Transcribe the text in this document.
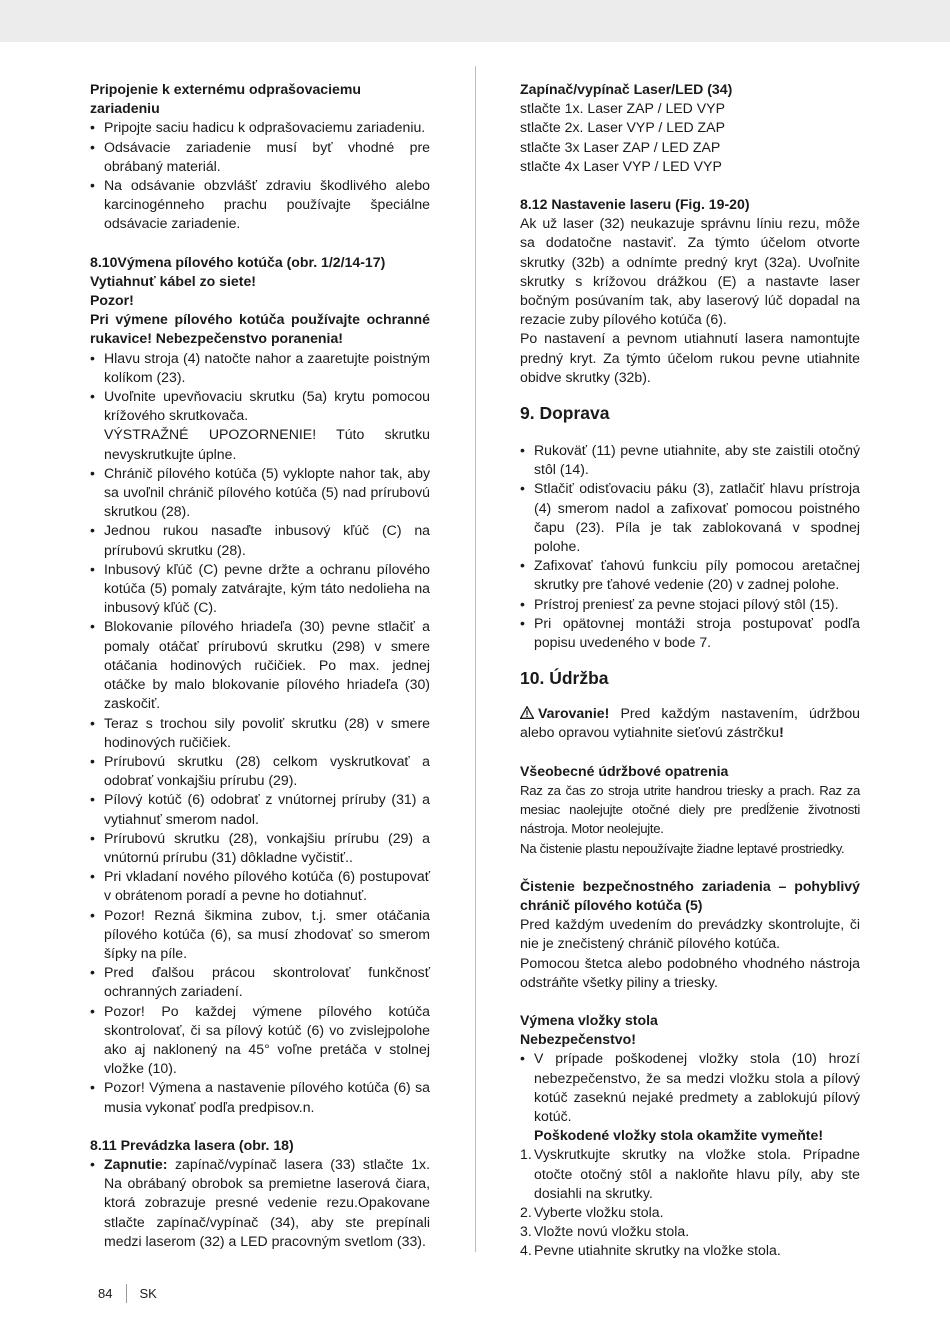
Pripojenie k externému odprašovaciemu zariadeniu

• Pripojte saciu hadicu k odprašovaciemu zariadeniu.
• Odsávacie zariadenie musí byť vhodné pre obrábaný materiál.
• Na odsávanie obzvlášť zdraviu škodlivého alebo karcinogénneho prachu používajte špeciálne odsávacie zariadenie.

8.10Výmena pílového kotúča (obr. 1/2/14-17)

Vytiahnuť kábel zo siete!

Pozor!

Pri výmene pílového kotúča používajte ochranné rukavice! Nebezpečenstvo poranenia!

• Hlavu stroja (4) natočte nahor a zaaretujte poistným kolíkom (23).
• Uvoľnite upevňovaciu skrutku (5a) krytu pomocou krížového skrutkovača.
VÝSTRAŽNÉ UPOZORNENIE! Túto skrutku nevyskrutkujte úplne.
• Chránič pílového kotúča (5) vyklopte nahor tak, aby sa uvoľnil chránič pílového kotúča (5) nad prírubovú skrutkou (28).
• Jednou rukou nasaďte inbusový kľúč (C) na prírubovú skrutku (28).
• Inbusový kľúč (C) pevne držte a ochranu pílového kotúča (5) pomaly zatvárajte, kým táto nedolieha na inbusový kľúč (C).
• Blokovanie pílového hriadeľa (30) pevne stlačiť a pomaly otáčať prírubovú skrutku (298) v smere otáčania hodinových ručičiek. Po max. jednej otáčke by malo blokovanie pílového hriadeľa (30) zaskočiť.
• Teraz s trochou sily povoliť skrutku (28) v smere hodinových ručičiek.
• Prírubovú skrutku (28) celkom vyskrutkovať a odobrať vonkajšiu prírubu (29).
• Pílový kotúč (6) odobrať z vnútornej príruby (31) a vytiahnuť smerom nadol.
• Prírubovú skrutku (28), vonkajšiu prírubu (29) a vnútornú prírubu (31) dôkladne vyčistiť..
• Pri vkladaní nového pílového kotúča (6) postupovať v obrátenom poradí a pevne ho dotiahnuť.
• Pozor! Rezná šikmina zubov, t.j. smer otáčania pílového kotúča (6), sa musí zhodovať so smerom šípky na píle.
• Pred ďalšou prácou skontrolovať funkčnosť ochranných zariadení.
• Pozor! Po každej výmene pílového kotúča skontrolovať, či sa pílový kotúč (6) vo zvislejpolohe ako aj naklonený na 45° voľne pretáča v stolnej vložke (10).
• Pozor! Výmena a nastavenie pílového kotúča (6) sa musia vykonať podľa predpisov.n.

8.11 Prevádzka lasera (obr. 18)

• Zapnutie: zapínač/vypínač lasera (33) stlačte 1x. Na obrábaný obrobok sa premietne laserová čiara, ktorá zobrazuje presné vedenie rezu.Opakovane stlačte zapínač/vypínač (34), aby ste prepínali medzi laserom (32) a LED pracovným svetlom (33).

Zapínač/vypínač Laser/LED (34)

stlačte 1x. Laser ZAP / LED VYP

stlačte 2x. Laser VYP / LED ZAP

stlačte 3x Laser ZAP / LED ZAP

stlačte 4x Laser VYP / LED VYP

8.12 Nastavenie laseru (Fig. 19-20)

Ak už laser (32) neukazuje správnu líniu rezu, môže sa dodatočne nastaviť. Za týmto účelom otvorte skrutky (32b) a odnímte predný kryt (32a). Uvoľnite skrutky s krížovou drážkou (E) a nastavte laser bočným posúvaním tak, aby laserový lúč dopadal na rezacie zuby pílového kotúča (6).

Po nastavení a pevnom utiahnutí lasera namontujte predný kryt. Za týmto účelom rukou pevne utiahnite obidve skrutky (32b).

9. Doprava
• Rukoväť (11) pevne utiahnite, aby ste zaistili otočný stôl (14).
• Stlačiť odisťovaciu páku (3), zatlačiť hlavu prístroja (4) smerom nadol a zafixovať pomocou poistného čapu (23). Píla je tak zablokovaná v spodnej polohe.
• Zafixovať ťahovú funkciu píly pomocou aretačnej skrutky pre ťahové vedenie (20) v zadnej polohe.
• Prístroj preniesť za pevne stojaci pílový stôl (15).
• Pri opätovnej montáži stroja postupovať podľa popisu uvedeného v bode 7.
10. Údržba

Varovanie! Pred každým nastavením, údržbou alebo opravou vytiahnite sieťovú zástrčku!

Všeobecné údržbové opatrenia

Raz za čas zo stroja utrite handrou triesky a prach. Raz za mesiac naolejujte otočné diely pre predĺženie životnosti nástroja. Motor neolejujte.

Na čistenie plastu nepoužívajte žiadne leptavé prostriedky.

Čistenie bezpečnostného zariadenia – pohyblivý chránič pílového kotúča (5)

Pred každým uvedením do prevádzky skontrolujte, či nie je znečistený chránič pílového kotúča.

Pomocou štetca alebo podobného vhodného nástroja odstráňte všetky piliny a triesky.

Výmena vložky stola

Nebezpečenstvo!

• V prípade poškodenej vložky stola (10) hrozí nebezpečenstvo, že sa medzi vložku stola a pílový kotúč zaseknú nejaké predmety a zablokujú pílový kotúč.
Poškodené vložky stola okamžite vymeňte!
1. Vyskrutkujte skrutky na vložke stola. Prípadne otočte otočný stôl a nakloňte hlavu píly, aby ste dosiahli na skrutky.
2. Vyberte vložku stola.
3. Vložte novú vložku stola.
4. Pevne utiahnite skrutky na vložke stola.
84 SK
